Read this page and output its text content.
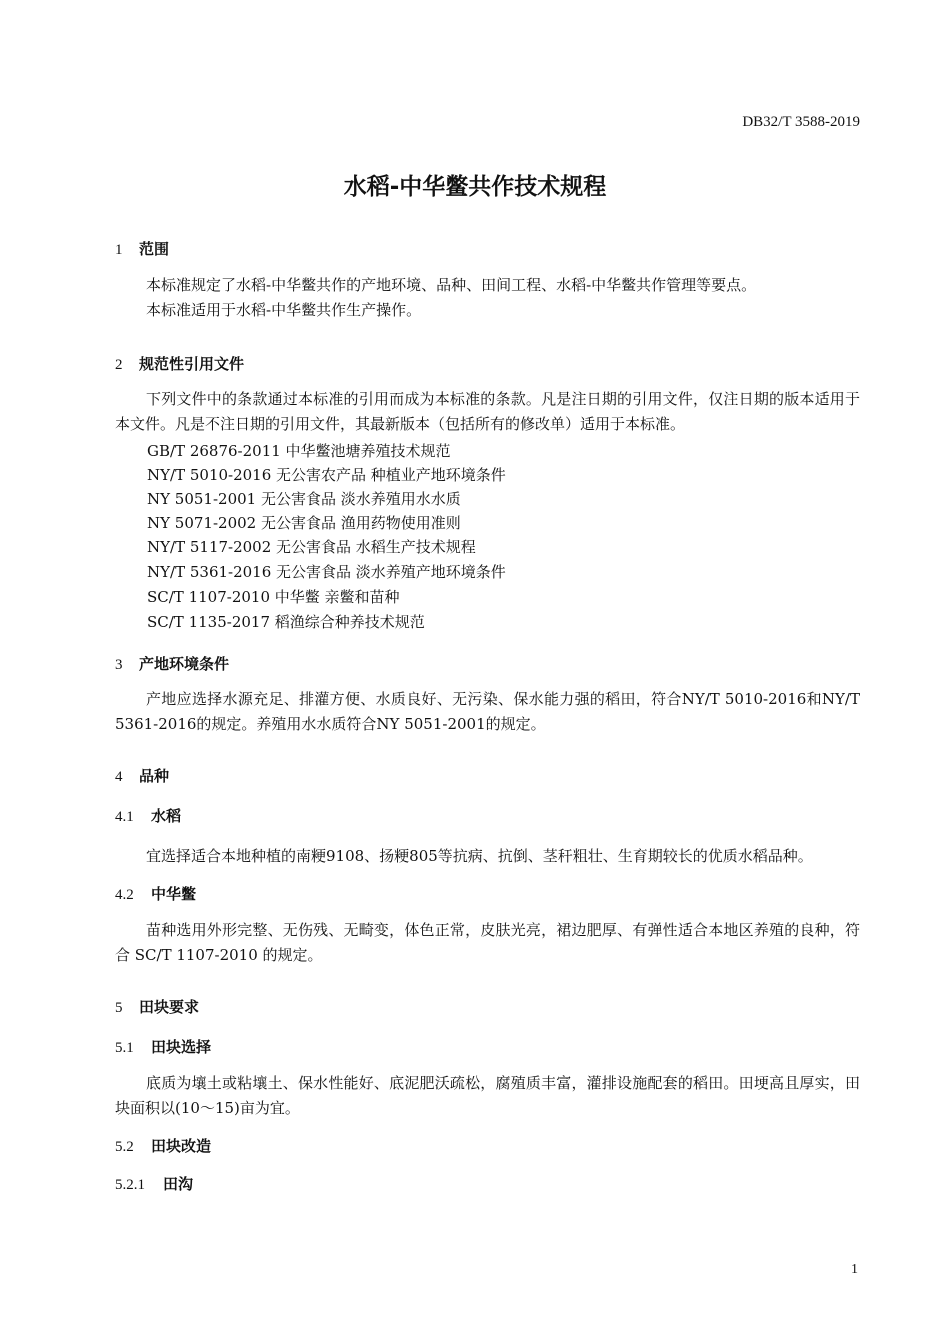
DB32/T 3588-2019
水稻-中华鳖共作技术规程
1 范围
本标准规定了水稻-中华鳖共作的产地环境、品种、田间工程、水稻-中华鳖共作管理等要点。
本标准适用于水稻-中华鳖共作生产操作。
2 规范性引用文件
下列文件中的条款通过本标准的引用而成为本标准的条款。凡是注日期的引用文件，仅注日期的版本适用于本文件。凡是不注日期的引用文件，其最新版本（包括所有的修改单）适用于本标准。
GB/T 26876-2011 中华鳖池塘养殖技术规范
NY/T 5010-2016 无公害农产品 种植业产地环境条件
NY 5051-2001 无公害食品 淡水养殖用水水质
NY 5071-2002 无公害食品 渔用药物使用准则
NY/T 5117-2002 无公害食品 水稻生产技术规程
NY/T 5361-2016 无公害食品 淡水养殖产地环境条件
SC/T 1107-2010 中华鳖 亲鳖和苗种
SC/T 1135-2017 稻渔综合种养技术规范
3 产地环境条件
产地应选择水源充足、排灌方便、水质良好、无污染、保水能力强的稻田，符合NY/T 5010-2016和NY/T 5361-2016的规定。养殖用水水质符合NY 5051-2001的规定。
4 品种
4.1 水稻
宜选择适合本地种植的南粳9108、扬粳805等抗病、抗倒、茎秆粗壮、生育期较长的优质水稻品种。
4.2 中华鳖
苗种选用外形完整、无伤残、无畸变，体色正常，皮肤光亮，裙边肥厚、有弹性适合本地区养殖的良种，符合 SC/T 1107-2010 的规定。
5 田块要求
5.1 田块选择
底质为壤土或粘壤土、保水性能好、底泥肥沃疏松，腐殖质丰富，灌排设施配套的稻田。田埂高且厚实，田块面积以(10～15)亩为宜。
5.2 田块改造
5.2.1 田沟
1
